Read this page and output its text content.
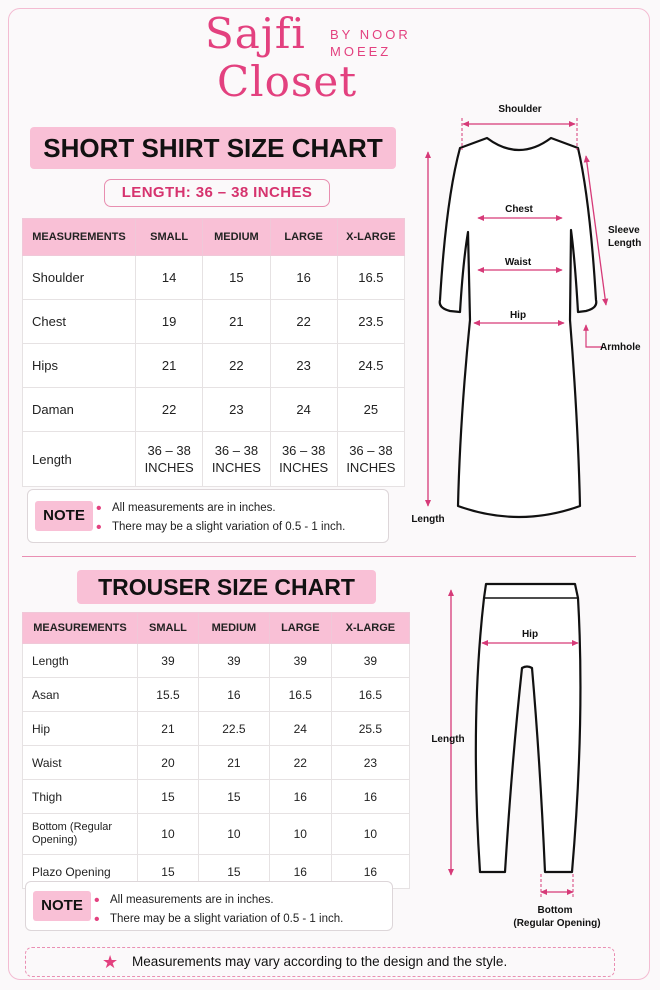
Sajfi
Closet
BY NOOR
MOEEZ
SHORT SHIRT SIZE CHART
LENGTH: 36 – 38 INCHES
MEASUREMENTS	SMALL	MEDIUM	LARGE	X-LARGE
Shoulder	14	15	16	16.5
Chest	19	21	22	23.5
Hips	21	22	23	24.5
Daman	22	23	24	25
Length	36 – 38 INCHES	36 – 38 INCHES	36 – 38 INCHES	36 – 38 INCHES
NOTE	• All measurements are in inches.
• There may be a slight variation of 0.5 - 1 inch.
TROUSER SIZE CHART
MEASUREMENTS	SMALL	MEDIUM	LARGE	X-LARGE
Length	39	39	39	39
Asan	15.5	16	16.5	16.5
Hip	21	22.5	24	25.5
Waist	20	21	22	23
Thigh	15	15	16	16
Bottom (Regular Opening)	10	10	10	10
Plazo Opening	15	15	16	16
NOTE	• All measurements are in inches.
• There may be a slight variation of 0.5 - 1 inch.
★ Measurements may vary according to the design and the style.
Shoulder
Chest
Waist
Hip
Sleeve Length
Armhole
Length
Hip
Length
Bottom
(Regular Opening)
